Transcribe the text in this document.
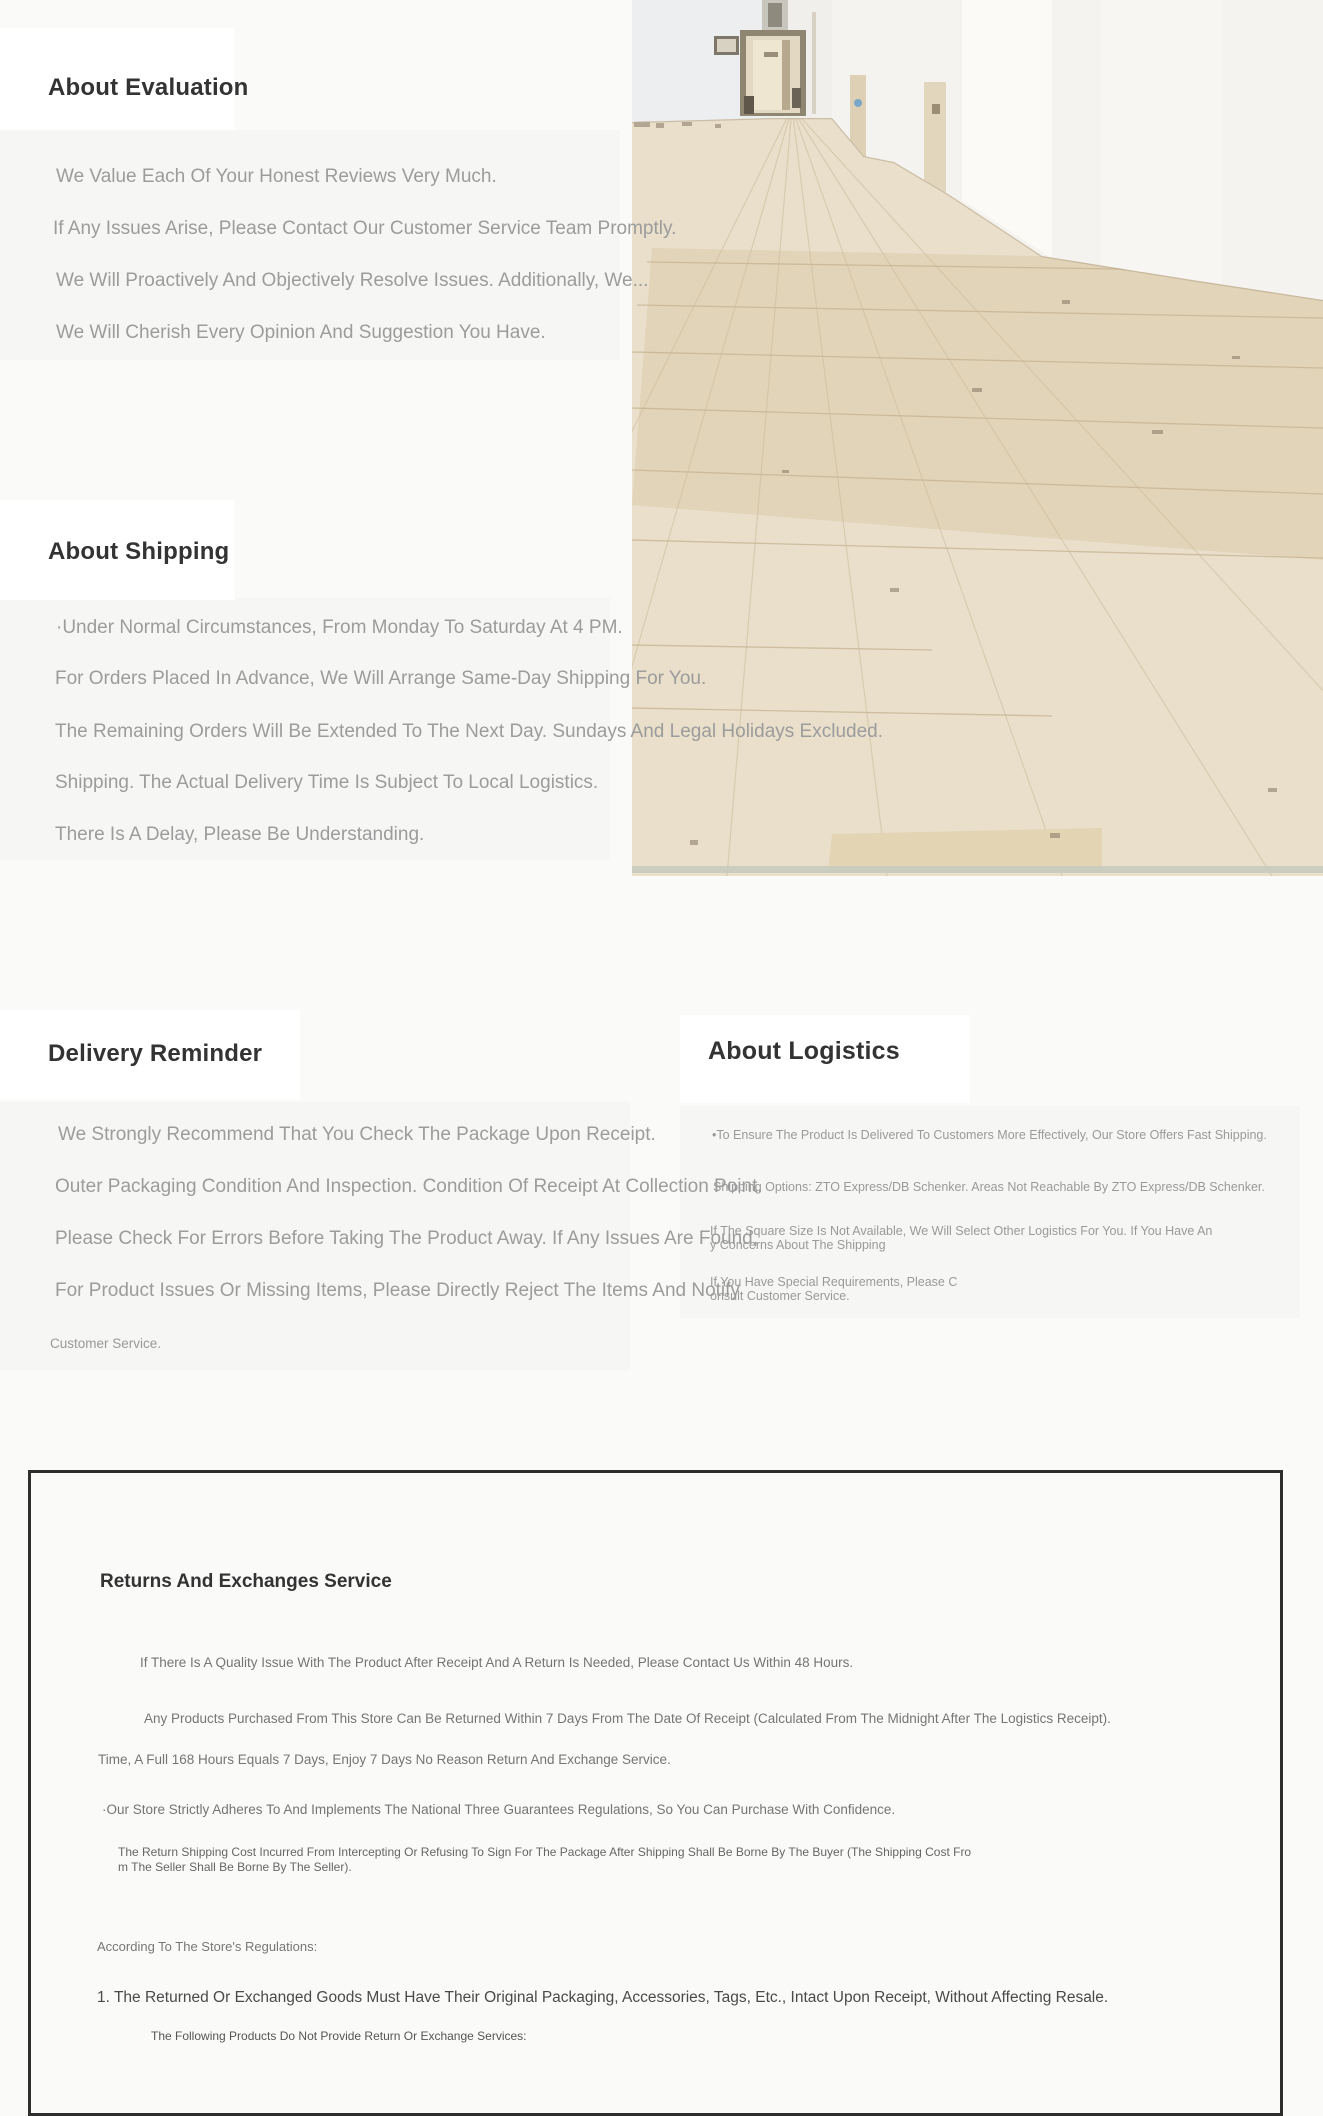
About Evaluation
We Value Each Of Your Honest Reviews Very Much.
If Any Issues Arise, Please Contact Our Customer Service Team Promptly.
We Will Proactively And Objectively Resolve Issues. Additionally, We...
We Will Cherish Every Opinion And Suggestion You Have.
About Shipping
·Under Normal Circumstances, From Monday To Saturday At 4 PM.
For Orders Placed In Advance, We Will Arrange Same-Day Shipping For You.
The Remaining Orders Will Be Extended To The Next Day. Sundays And Legal Holidays Excluded.
Shipping. The Actual Delivery Time Is Subject To Local Logistics.
There Is A Delay, Please Be Understanding.
Delivery Reminder
We Strongly Recommend That You Check The Package Upon Receipt.
Outer Packaging Condition And Inspection. Condition Of Receipt At Collection Point.
Please Check For Errors Before Taking The Product Away. If Any Issues Are Found,
For Product Issues Or Missing Items, Please Directly Reject The Items And Notify
Customer Service.
About Logistics
•To Ensure The Product Is Delivered To Customers More Effectively, Our Store Offers Fast Shipping.
Shipping Options: ZTO Express/DB Schenker. Areas Not Reachable By ZTO Express/DB Schenker.
If The Square Size Is Not Available, We Will Select Other Logistics For You. If You Have An
y Concerns About The Shipping
If You Have Special Requirements, Please C
onsult Customer Service.
Returns And Exchanges Service
If There Is A Quality Issue With The Product After Receipt And A Return Is Needed, Please Contact Us Within 48 Hours.
Any Products Purchased From This Store Can Be Returned Within 7 Days From The Date Of Receipt (Calculated From The Midnight After The Logistics Receipt).
Time, A Full 168 Hours Equals 7 Days, Enjoy 7 Days No Reason Return And Exchange Service.
·Our Store Strictly Adheres To And Implements The National Three Guarantees Regulations, So You Can Purchase With Confidence.
The Return Shipping Cost Incurred From Intercepting Or Refusing To Sign For The Package After Shipping Shall Be Borne By The Buyer (The Shipping Cost Fro
m The Seller Shall Be Borne By The Seller).
According To The Store's Regulations:
1. The Returned Or Exchanged Goods Must Have Their Original Packaging, Accessories, Tags, Etc., Intact Upon Receipt, Without Affecting Resale.
The Following Products Do Not Provide Return Or Exchange Services:
